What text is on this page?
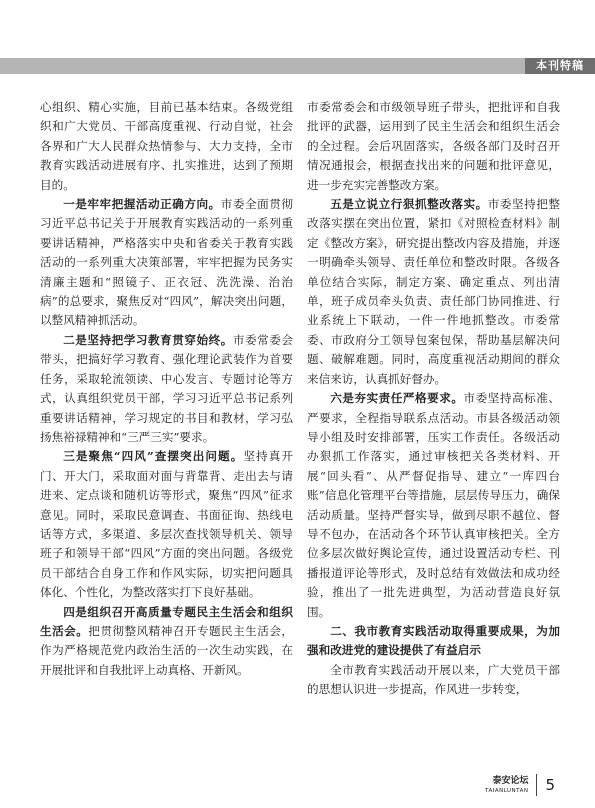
本刊特稿

心组织、精心实施，目前已基本结束。各级党组织和广大党员、干部高度重视、行动自觉，社会各界和广大人民群众热情参与、大力支持，全市教育实践活动进展有序、扎实推进，达到了预期目的。

一是牢牢把握活动正确方向。市委全面贯彻习近平总书记关于开展教育实践活动的一系列重要讲话精神，严格落实中央和省委关于教育实践活动的一系列重大决策部署，牢牢把握为民务实清廉主题和“照镜子、正衣冠、洗洗澡、治治病”的总要求，聚焦反对“四风”，解决突出问题，以整风精神抓活动。

二是坚持把学习教育贯穿始终。市委常委会带头，把搞好学习教育、强化理论武装作为首要任务，采取轮流领读、中心发言、专题讨论等方式，认真组织党员干部，学习习近平总书记系列重要讲话精神，学习规定的书目和教材，学习弘扬焦裕禄精神和“三严三实”要求。

三是聚焦“四风”查摆突出问题。坚持真开门、开大门，采取面对面与背靠背、走出去与请进来、定点谈和随机访等形式，聚焦“四风”征求意见。同时，采取民意调查、书面征询、热线电话等方式，多渠道、多层次查找领导机关、领导班子和领导干部“四风”方面的突出问题。各级党员干部结合自身工作和作风实际，切实把问题具体化、个性化，为整改落实打下良好基础。

四是组织召开高质量专题民主生活会和组织生活会。把贯彻整风精神召开专题民主生活会，作为严格规范党内政治生活的一次生动实践，在开展批评和自我批评上动真格、开新风。

市委常委会和市级领导班子带头，把批评和自我批评的武器，运用到了民主生活会和组织生活会的全过程。会后巩固落实，各级各部门及时召开情况通报会，根据查找出来的问题和批评意见，进一步充实完善整改方案。

五是立说立行狠抓整改落实。市委坚持把整改落实摆在突出位置，紧扣《对照检查材料》制定《整改方案》，研究提出整改内容及措施，并逐一明确牵头领导、责任单位和整改时限。各级各单位结合实际，制定方案、确定重点、列出清单，班子成员牵头负责、责任部门协同推进、行业系统上下联动，一件一件地抓整改。市委常委、市政府分工领导包案包保，帮助基层解决问题、破解难题。同时，高度重视活动期间的群众来信来访，认真抓好督办。

六是夯实责任严格要求。市委坚持高标准、严要求，全程指导联系点活动。市县各级活动领导小组及时安排部署，压实工作责任。各级活动办狠抓工作落实，通过审核把关各类材料、开展“回头看”、从严督促指导、建立“一库四台账”信息化管理平台等措施，层层传导压力，确保活动质量。坚持严督实导，做到尽职不越位、督导不包办，在活动各个环节认真审核把关。全方位多层次做好舆论宣传，通过设置活动专栏、刊播报道评论等形式，及时总结有效做法和成功经验，推出了一批先进典型，为活动营造良好氛围。

二、我市教育实践活动取得重要成果，为加强和改进党的建设提供了有益启示

全市教育实践活动开展以来，广大党员干部的思想认识进一步提高，作风进一步转变，

泰安论坛
TAIANLUNTAN 5
